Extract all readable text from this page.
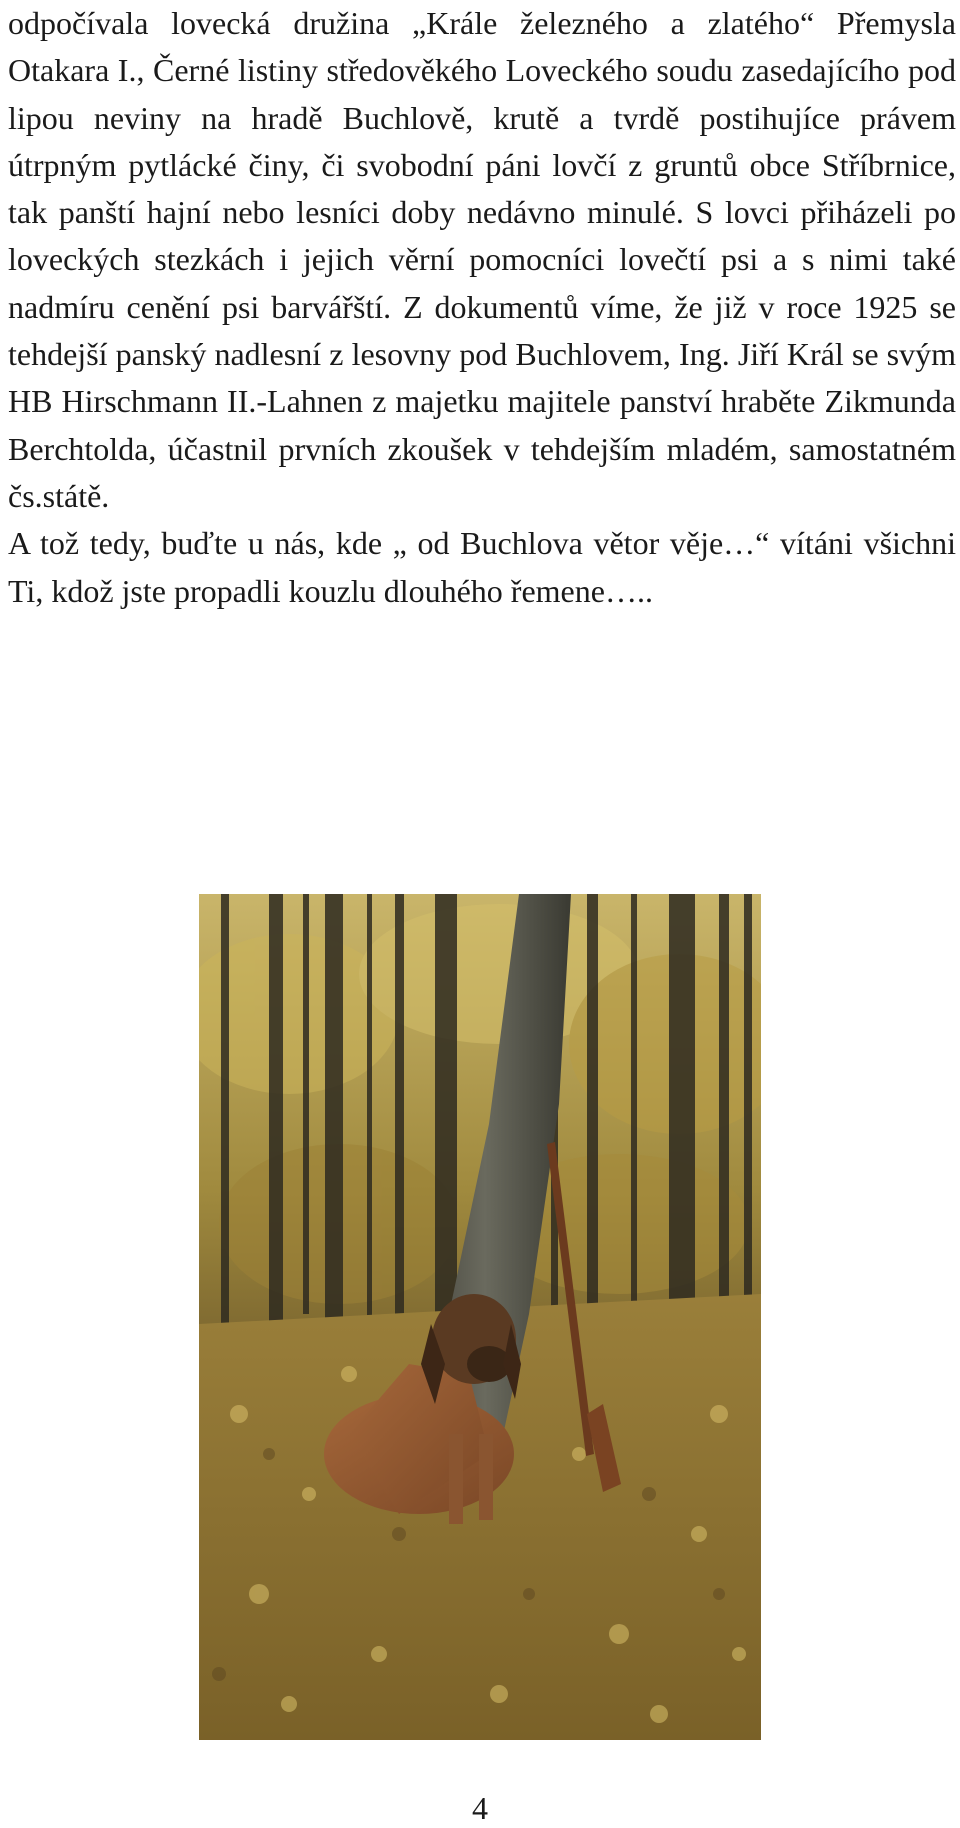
odpočívala lovecká družina „Krále železného a zlatého“ Přemysla Otakara I., Černé listiny středověkého Loveckého soudu zasedajícího pod lipou neviny na hradě Buchlově, krutě a tvrdě postihujíce právem útrpným pytlácké činy, či svobodní páni lovčí z gruntů obce Stříbrnice, tak panští hajní nebo lesníci doby nedávno minulé. S lovci přiházeli po loveckých stezkách i jejich věrní pomocníci lovečtí psi a s nimi také nadmíru cenění psi barvářští. Z dokumentů víme, že již v roce 1925 se tehdejší panský nadlesní z lesovny pod Buchlovem, Ing. Jiří Král se svým HB Hirschmann II.-Lahnen z majetku majitele panství hraběte Zikmunda Berchtolda, účastnil prvních zkoušek v tehdejším mladém, samostatném čs.státě.

A tož tedy, buďte u nás, kde „ od Buchlova větor věje…“ vítáni všichni Ti, kdož jste propadli kouzlu dlouhého řemene…..

4
